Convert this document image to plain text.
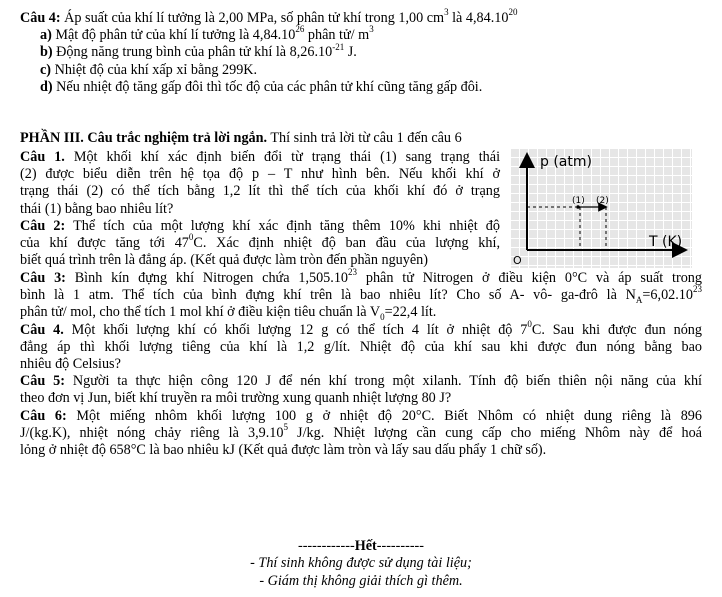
Câu 4: Áp suất của khí lí tưởng là 2,00 MPa, số phân tử khí trong 1,00 $cm^3$ là 4,84.10$^{20}$
a) Mật độ phân tử của khí lí tưởng là 4,84.10$^{26}$ phân tử/ $m^3$
b) Động năng trung bình của phân tử khí là $8,26.10^{-21}$ J.
c) Nhiệt độ của khí xấp xỉ bằng 299K.
d) Nếu nhiệt độ tăng gấp đôi thì tốc độ của các phân tử khí cũng tăng gấp đôi.
PHẦN III. Câu trắc nghiệm trả lời ngắn. Thí sinh trả lời từ câu 1 đến câu 6
Câu 1. Một khối khí xác định biến đổi từ trạng thái (1) sang trạng thái
(2) được biểu diễn trên hệ tọa độ p – T như hình bên. Nếu khối khí ở
trạng thái (2) có thể tích bằng 1,2 lít thì thể tích của khối khí đó ở trạng
thái (1) bằng bao nhiêu lít?
Câu 2: Thể tích của một lượng khí xác định tăng thêm 10% khi nhiệt độ
của khí được tăng tới $47^0C$. Xác định nhiệt độ ban đầu của lượng khí,
biết quá trình trên là đẳng áp. (Kết quả được làm tròn đến phần nguyên)
p (atm)
T (K)
O
(1) (2)
Câu 3: Bình kín đựng khí Nitrogen chứa 1,505.10$^{23}$ phân tử Nitrogen ở điều kiện 0°C và áp suất trong
bình là 1 atm. Thể tích của bình đựng khí trên là bao nhiêu lít? Cho số A- vô- ga-đrô là $N_A=6,02.10^{23}$
phân tử/ mol, cho thể tích 1 mol khí ở điều kiện tiêu chuẩn là $V_0=22,4$ lít.
Câu 4. Một khối lượng khí có khối lượng 12 g có thể tích 4 lít ở nhiệt độ $7^0C$. Sau khi được đun nóng
đẳng áp thì khối lượng tiêng của khí là 1,2 g/lít. Nhiệt độ của khí sau khi được đun nóng bằng bao
nhiêu độ Celsius?
Câu 5: Người ta thực hiện công 120 J để nén khí trong một xilanh. Tính độ biến thiên nội năng của khí
theo đơn vị Jun, biết khí truyền ra môi trường xung quanh nhiệt lượng 80 J?
Câu 6: Một miếng nhôm khối lượng 100 g ở nhiệt độ 20°C. Biết Nhôm có nhiệt dung riêng là 896
J/(kg.K), nhiệt nóng chảy riêng là 3,9.10$^5$ J/kg. Nhiệt lượng cần cung cấp cho miếng Nhôm này để hoá
lỏng ở nhiệt độ 658°C là bao nhiêu kJ (Kết quả được làm tròn và lấy sau dấu phẩy 1 chữ số).
------------Hết----------
- Thí sinh không được sử dụng tài liệu;
- Giám thị không giải thích gì thêm.
